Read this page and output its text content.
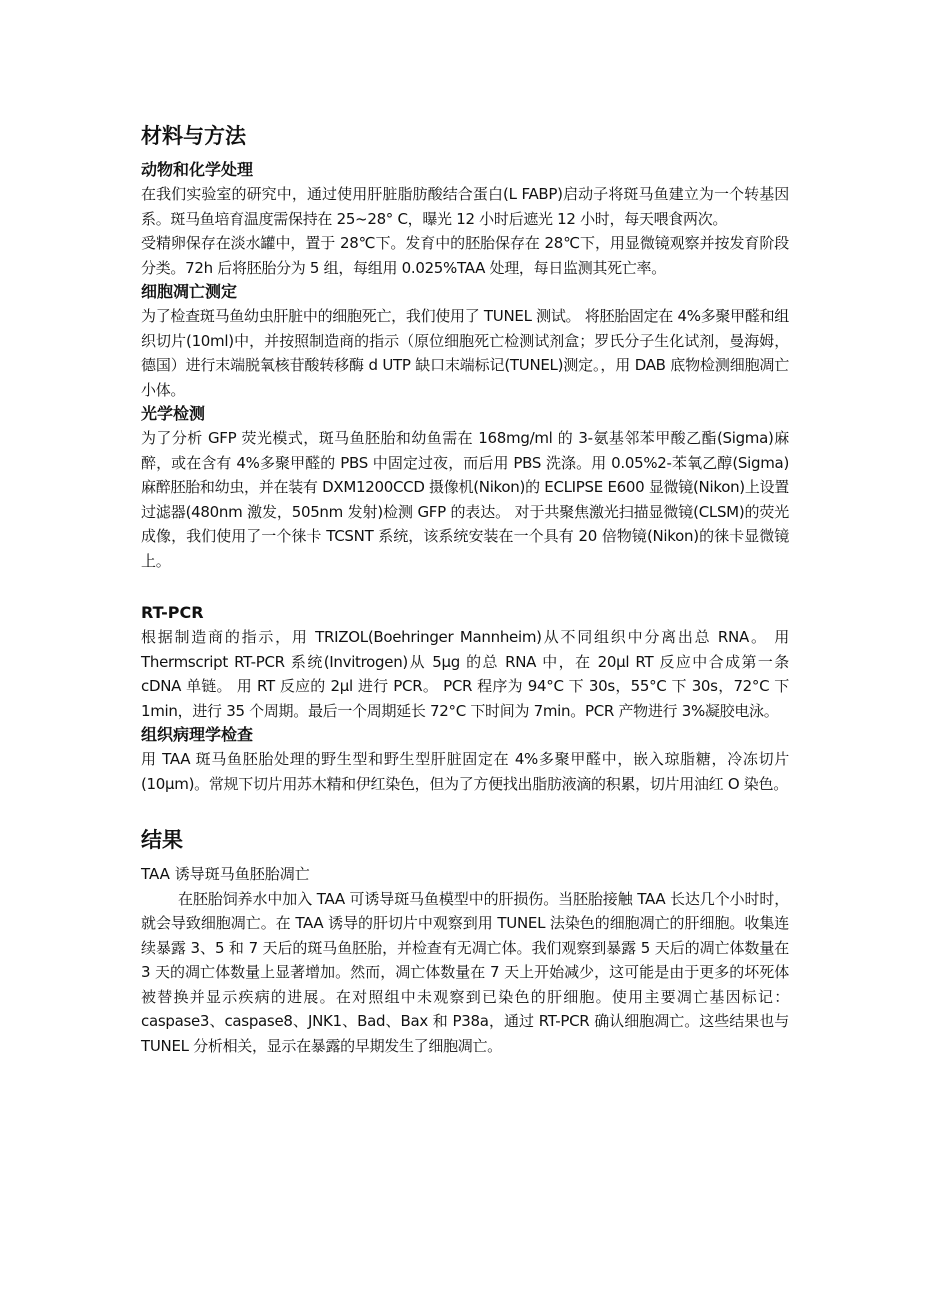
材料与方法
动物和化学处理

在我们实验室的研究中，通过使用肝脏脂肪酸结合蛋白(L FABP)启动子将斑马鱼建立为一个转基因系。斑马鱼培育温度需保持在 25~28° C，曝光 12 小时后遮光 12 小时，每天喂食两次。

受精卵保存在淡水罐中，置于 28℃下。发育中的胚胎保存在 28℃下，用显微镜观察并按发育阶段分类。72h 后将胚胎分为 5 组，每组用 0.025%TAA 处理，每日监测其死亡率。

细胞凋亡测定

为了检查斑马鱼幼虫肝脏中的细胞死亡，我们使用了 TUNEL 测试。 将胚胎固定在 4%多聚甲醛和组织切片(10ml)中，并按照制造商的指示（原位细胞死亡检测试剂盒；罗氏分子生化试剂，曼海姆，德国）进行末端脱氧核苷酸转移酶 d UTP 缺口末端标记(TUNEL)测定。，用 DAB 底物检测细胞凋亡小体。

光学检测

为了分析 GFP 荧光模式，斑马鱼胚胎和幼鱼需在 168mg/ml 的 3-氨基邻苯甲酸乙酯(Sigma)麻醉，或在含有 4%多聚甲醛的 PBS 中固定过夜，而后用 PBS 洗涤。用 0.05%2-苯氧乙醇(Sigma)麻醉胚胎和幼虫，并在装有 DXM1200CCD 摄像机(Nikon)的 ECLIPSE E600 显微镜(Nikon)上设置过滤器(480nm 激发，505nm 发射)检测 GFP 的表达。 对于共聚焦激光扫描显微镜(CLSM)的荧光成像，我们使用了一个徕卡 TCSNT 系统，该系统安装在一个具有 20 倍物镜(Nikon)的徕卡显微镜上。

RT-PCR

根据制造商的指示，用 TRIZOL(Boehringer Mannheim)从不同组织中分离出总 RNA。 用 Thermscript RT-PCR 系统(Invitrogen)从 5μg 的总 RNA 中，在 20μl RT 反应中合成第一条 cDNA 单链。 用 RT 反应的 2μl 进行 PCR。 PCR 程序为 94°C 下 30s，55°C 下 30s，72°C 下 1min，进行 35 个周期。最后一个周期延长 72°C 下时间为 7min。PCR 产物进行 3%凝胶电泳。

组织病理学检查

用 TAA 斑马鱼胚胎处理的野生型和野生型肝脏固定在 4%多聚甲醛中，嵌入琼脂糖，冷冻切片(10μm)。常规下切片用苏木精和伊红染色，但为了方便找出脂肪液滴的积累，切片用油红 O 染色。

结果

TAA 诱导斑马鱼胚胎凋亡

在胚胎饲养水中加入 TAA 可诱导斑马鱼模型中的肝损伤。当胚胎接触 TAA 长达几个小时时，就会导致细胞凋亡。在 TAA 诱导的肝切片中观察到用 TUNEL 法染色的细胞凋亡的肝细胞。收集连续暴露 3、5 和 7 天后的斑马鱼胚胎，并检查有无凋亡体。我们观察到暴露 5 天后的凋亡体数量在 3 天的凋亡体数量上显著增加。然而，凋亡体数量在 7 天上开始减少，这可能是由于更多的坏死体被替换并显示疾病的进展。在对照组中未观察到已染色的肝细胞。使用主要凋亡基因标记：caspase3、caspase8、JNK1、Bad、Bax 和 P38a，通过 RT-PCR 确认细胞凋亡。这些结果也与 TUNEL 分析相关，显示在暴露的早期发生了细胞凋亡。
